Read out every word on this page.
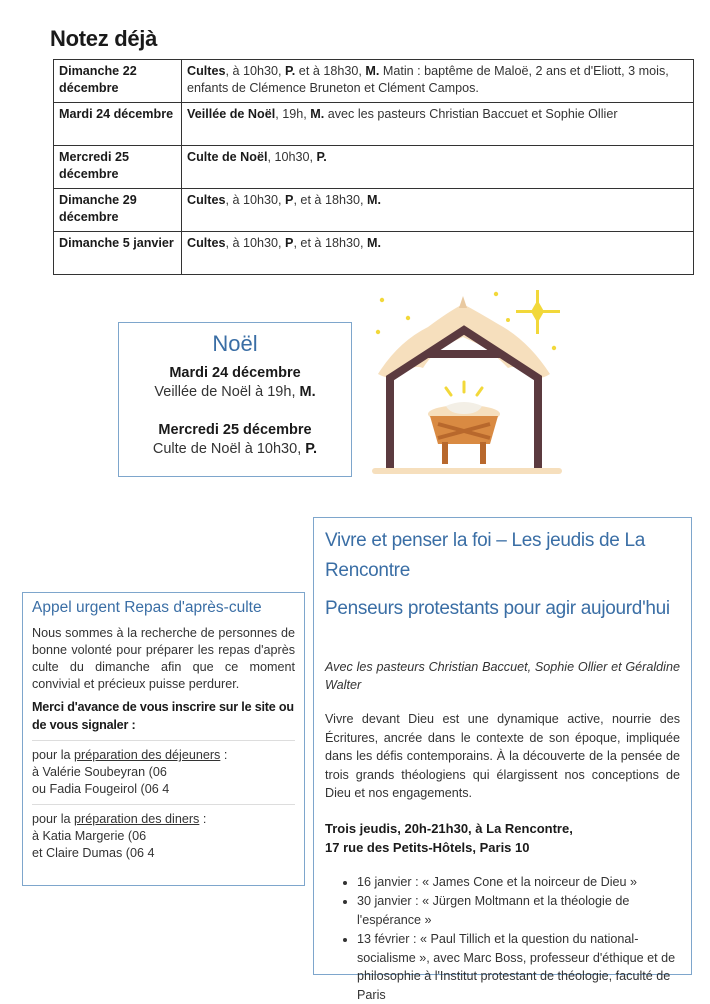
Notez déjà
Dimanche 22 décembre	Cultes, à 10h30, P. et à 18h30, M. Matin : baptême de Maloë, 2 ans et d'Eliott, 3 mois, enfants de Clémence Bruneton et Clément Campos.
Mardi 24 décembre	Veillée de Noël, 19h, M. avec les pasteurs Christian Baccuet et Sophie Ollier
Mercredi 25 décembre	Culte de Noël, 10h30, P.
Dimanche 29 décembre	Cultes, à 10h30, P, et à 18h30, M.
Dimanche 5 janvier	Cultes, à 10h30, P, et à 18h30, M.
Noël
Mardi 24 décembre
Veillée de Noël à 19h, M.
Mercredi 25 décembre
Culte de Noël à 10h30, P.
Appel urgent Repas d'après-culte
Nous sommes à la recherche de personnes de bonne volonté pour préparer les repas d'après culte du dimanche afin que ce moment convivial et précieux puisse perdurer.
Merci d'avance de vous inscrire sur le site ou de vous signaler :
pour la préparation des déjeuners :
à Valérie Soubeyran (06
ou Fadia Fougeirol (06 4
pour la préparation des diners :
à Katia Margerie (06
et Claire Dumas (06 4
Vivre et penser la foi – Les jeudis de La Rencontre
Penseurs protestants pour agir aujourd'hui
Avec les pasteurs Christian Baccuet, Sophie Ollier et Géraldine Walter
Vivre devant Dieu est une dynamique active, nourrie des Écritures, ancrée dans le contexte de son époque, impliquée dans les défis contemporains. À la découverte de la pensée de trois grands théologiens qui élargissent nos conceptions de Dieu et nos engagements.
Trois jeudis, 20h-21h30, à La Rencontre,
17 rue des Petits-Hôtels, Paris 10
• 16 janvier : « James Cone et la noirceur de Dieu »
• 30 janvier : « Jürgen Moltmann et la théologie de l'espérance »
• 13 février : « Paul Tillich et la question du national-socialisme », avec Marc Boss, professeur d'éthique et de philosophie à l'Institut protestant de théologie, faculté de Paris
